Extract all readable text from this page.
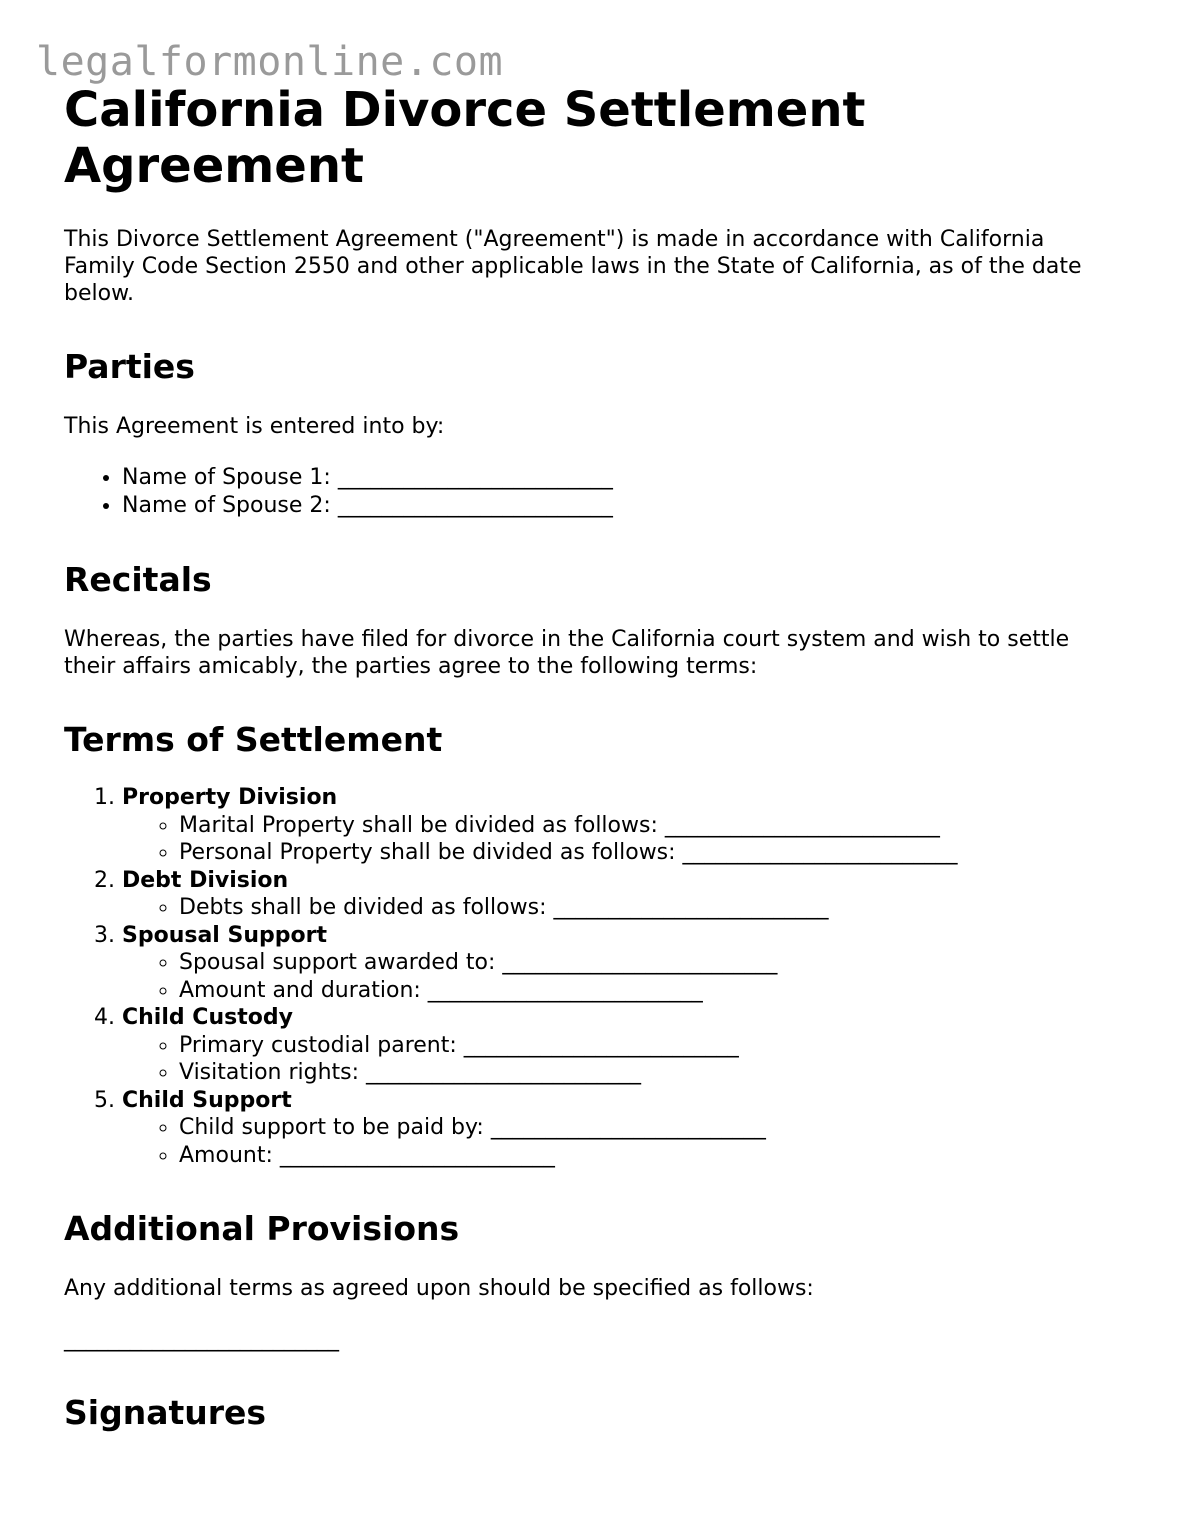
legalformonline.com
California Divorce Settlement Agreement

This Divorce Settlement Agreement ("Agreement") is made in accordance with California Family Code Section 2550 and other applicable laws in the State of California, as of the date below.

Parties

This Agreement is entered into by:

• Name of Spouse 1: _________________________
• Name of Spouse 2: _________________________
Recitals

Whereas, the parties have filed for divorce in the California court system and wish to settle their affairs amicably, the parties agree to the following terms:

Terms of Settlement
1. Property Division
◦ Marital Property shall be divided as follows: _________________________
◦ Personal Property shall be divided as follows: _________________________
2. Debt Division
◦ Debts shall be divided as follows: _________________________
3. Spousal Support
◦ Spousal support awarded to: _________________________
◦ Amount and duration: _________________________
4. Child Custody
◦ Primary custodial parent: _________________________
◦ Visitation rights: _________________________
5. Child Support
◦ Child support to be paid by: _________________________
◦ Amount: _________________________
Additional Provisions

Any additional terms as agreed upon should be specified as follows:

_________________________
Signatures
